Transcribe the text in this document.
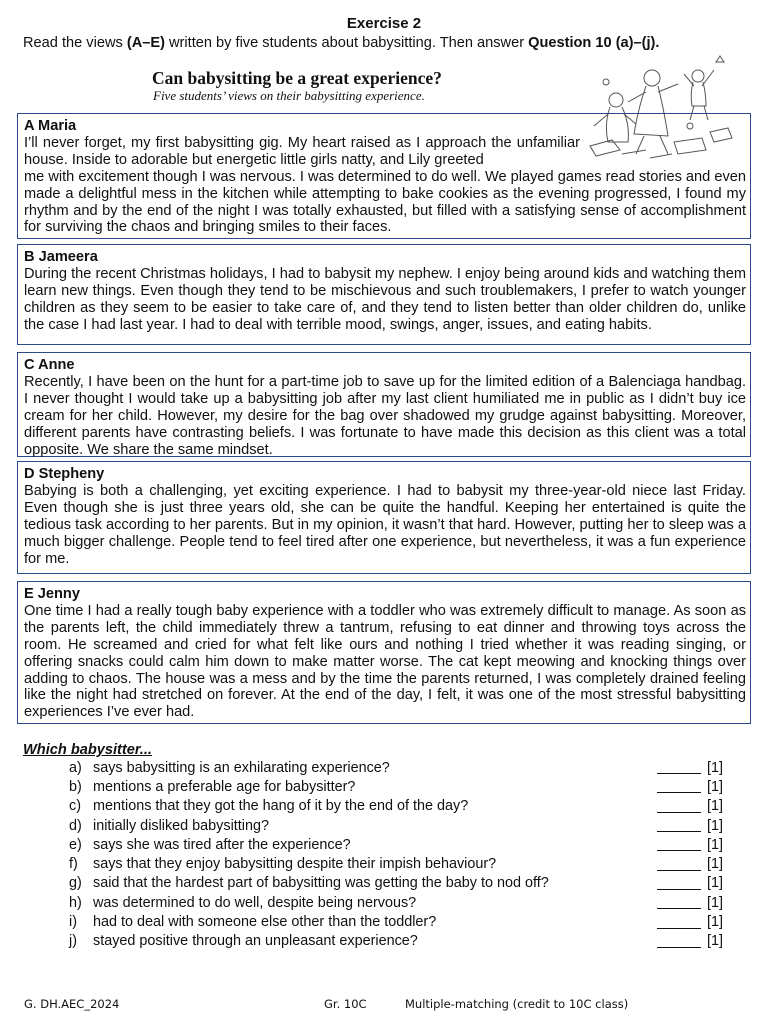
Exercise 2
Read the views (A–E) written by five students about babysitting. Then answer Question 10 (a)–(j).
Can babysitting be a great experience?
Five students’ views on their babysitting experience.
A Maria

I’ll never forget, my first babysitting gig. My heart raised as I approach the unfamiliar house. Inside to adorable but energetic little girls natty, and Lily greeted
me with excitement though I was nervous. I was determined to do well. We played games read stories and even made a delightful mess in the kitchen while attempting to bake cookies as the evening progressed, I found my rhythm and by the end of the night I was totally exhausted, but filled with a satisfying sense of accomplishment for surviving the chaos and bringing smiles to their faces.

B Jameera

During the recent Christmas holidays, I had to babysit my nephew. I enjoy being around kids and watching them learn new things. Even though they tend to be mischievous and such troublemakers, I prefer to watch younger children as they seem to be easier to take care of, and they tend to listen better than older children do, unlike the case I had last year. I had to deal with terrible mood, swings, anger, issues, and eating habits.

C Anne

Recently, I have been on the hunt for a part-time job to save up for the limited edition of a Balenciaga handbag. I never thought I would take up a babysitting job after my last client humiliated me in public as I didn’t buy ice cream for her child. However, my desire for the bag over shadowed my grudge against babysitting. Moreover, different parents have contrasting beliefs. I was fortunate to have made this decision as this client was a total opposite. We share the same mindset.

D Stepheny

Babying is both a challenging, yet exciting experience. I had to babysit my three-year-old niece last Friday. Even though she is just three years old, she can be quite the handful. Keeping her entertained is quite the tedious task according to her parents. But in my opinion, it wasn’t that hard. However, putting her to sleep was a much bigger challenge. People tend to feel tired after one experience, but nevertheless, it was a fun experience for me.

E Jenny

One time I had a really tough baby experience with a toddler who was extremely difficult to manage. As soon as the parents left, the child immediately threw a tantrum, refusing to eat dinner and throwing toys across the room. He screamed and cried for what felt like ours and nothing I tried whether it was reading singing, or offering snacks could calm him down to make matter worse. The cat kept meowing and knocking things over adding to chaos. The house was a mess and by the time the parents returned, I was completely drained feeling like the night had stretched on forever. At the end of the day, I felt, it was one of the most stressful babysitting experiences I’ve ever had.

Which babysitter...
a) says babysitting is an exhilarating experience?	[1]
b) mentions a preferable age for babysitter?	[1]
c) mentions that they got the hang of it by the end of the day?	[1]
d) initially disliked babysitting?	[1]
e) says she was tired after the experience?	[1]
f)	says that they enjoy babysitting despite their impish behaviour?	[1]
g) said that the hardest part of babysitting was getting the baby to nod off?	[1]
h) was determined to do well, despite being nervous?	[1]
i)	had to deal with someone else other than the toddler?	[1]
j)	stayed positive through an unpleasant experience?	[1]
G. DH.AEC_2024	Gr. 10C	Multiple-matching (credit to 10C class)
